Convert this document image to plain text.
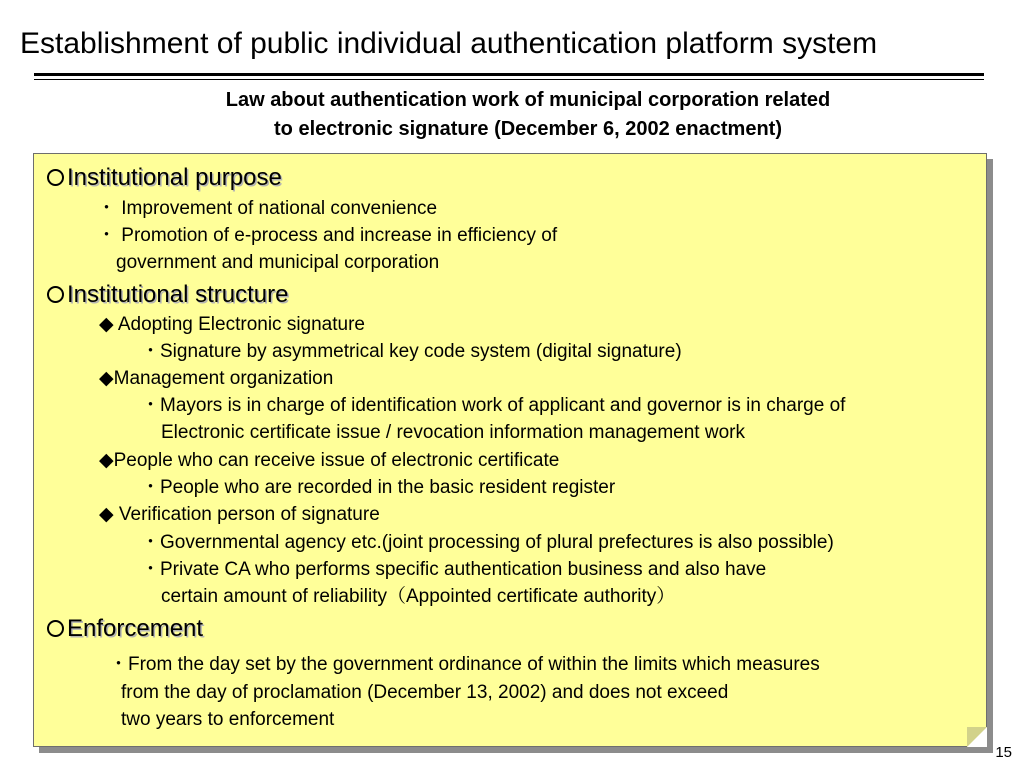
Establishment of public individual authentication platform system
Law about authentication work of municipal corporation related
to electronic signature (December 6, 2002 enactment)
Institutional purpose
・ Improvement of national convenience
・ Promotion of e-process and increase in efficiency of
government and municipal corporation
Institutional structure
◆ Adopting Electronic signature
・Signature by asymmetrical key code system (digital signature)
◆Management organization
・Mayors is in charge of identification work of applicant and governor is in charge of
Electronic certificate issue / revocation information management work
◆People who can receive issue of electronic certificate
・People who are recorded in the basic resident register
◆ Verification person of signature
・Governmental agency etc.(joint processing of plural prefectures is also possible)
・Private CA who performs specific authentication business and also have
certain amount of reliability（Appointed certificate authority）
Enforcement
・From the day set by the government ordinance of within the limits which measures
from the day of proclamation (December 13, 2002) and does not exceed
two years to enforcement
15
